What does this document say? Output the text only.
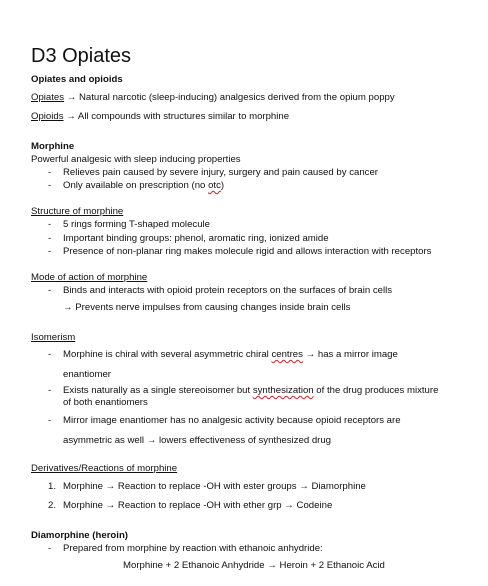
D3 Opiates
Opiates and opioids
Opiates → Natural narcotic (sleep-inducing) analgesics derived from the opium poppy
Opioids → All compounds with structures similar to morphine
Morphine
Powerful analgesic with sleep inducing properties
- Relieves pain caused by severe injury, surgery and pain caused by cancer
- Only available on prescription (no otc)
Structure of morphine
- 5 rings forming T-shaped molecule
- Important binding groups: phenol, aromatic ring, ionized amide
- Presence of non-planar ring makes molecule rigid and allows interaction with receptors
Mode of action of morphine
- Binds and interacts with opioid protein receptors on the surfaces of brain cells
→ Prevents nerve impulses from causing changes inside brain cells
Isomerism
- Morphine is chiral with several asymmetric chiral centres → has a mirror image
enantiomer
- Exists naturally as a single stereoisomer but synthesization of the drug produces mixture
of both enantiomers
- Mirror image enantiomer has no analgesic activity because opioid receptors are
asymmetric as well → lowers effectiveness of synthesized drug
Derivatives/Reactions of morphine
1. Morphine → Reaction to replace -OH with ester groups → Diamorphine
2. Morphine → Reaction to replace -OH with ether grp → Codeine
Diamorphine (heroin)
- Prepared from morphine by reaction with ethanoic anhydride:
Morphine + 2 Ethanoic Anhydride → Heroin + 2 Ethanoic Acid
